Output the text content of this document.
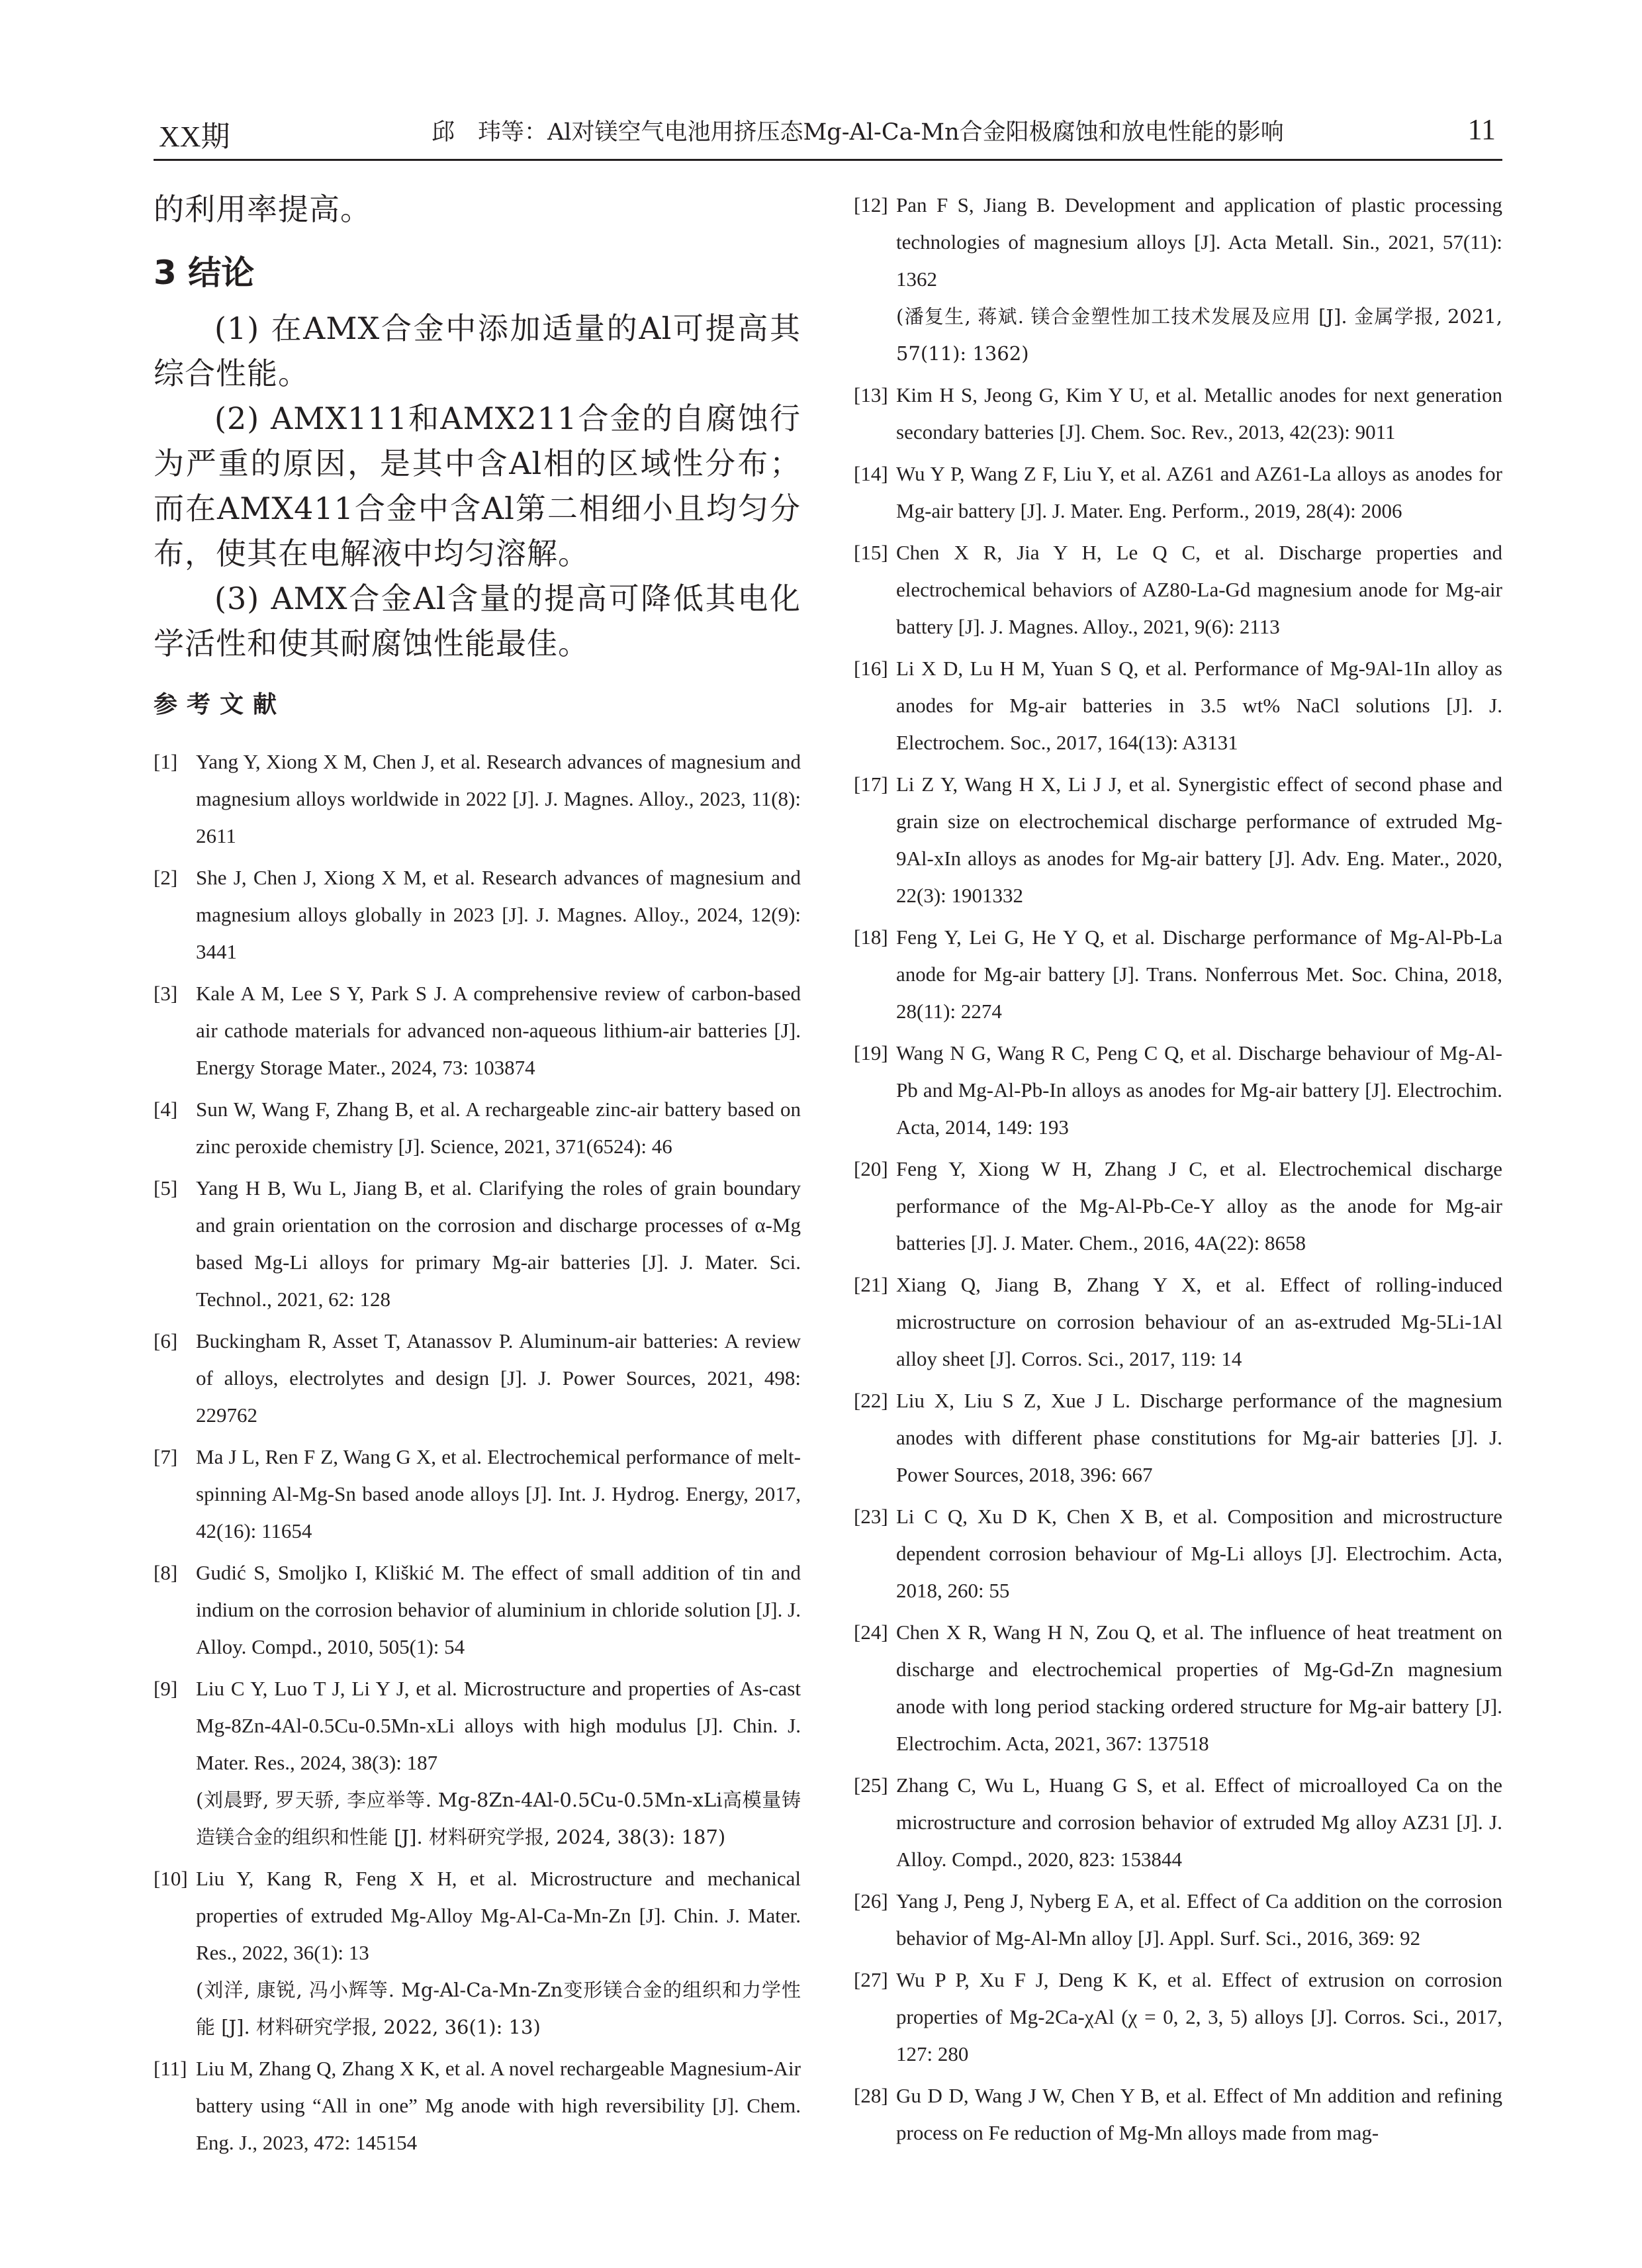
XX期	邱　玮等：Al对镁空气电池用挤压态Mg-Al-Ca-Mn合金阳极腐蚀和放电性能的影响	11

的利用率提高。

3 结论

(1) 在AMX合金中添加适量的Al可提高其综合性能。

(2) AMX111和AMX211合金的自腐蚀行为严重的原因，是其中含Al相的区域性分布；而在AMX411合金中含Al第二相细小且均匀分布，使其在电解液中均匀溶解。

(3) AMX合金Al含量的提高可降低其电化学活性和使其耐腐蚀性能最佳。

参考文献
[1] Yang Y, Xiong X M, Chen J, et al. Research advances of magnesium and magnesium alloys worldwide in 2022 [J]. J. Magnes. Alloy., 2023, 11(8): 2611
[2] She J, Chen J, Xiong X M, et al. Research advances of magnesium and magnesium alloys globally in 2023 [J]. J. Magnes. Alloy., 2024, 12(9): 3441
[3] Kale A M, Lee S Y, Park S J. A comprehensive review of carbon-based air cathode materials for advanced non-aqueous lithium-air batteries [J]. Energy Storage Mater., 2024, 73: 103874
[4] Sun W, Wang F, Zhang B, et al. A rechargeable zinc-air battery based on zinc peroxide chemistry [J]. Science, 2021, 371(6524): 46
[5] Yang H B, Wu L, Jiang B, et al. Clarifying the roles of grain boundary and grain orientation on the corrosion and discharge processes of α-Mg based Mg-Li alloys for primary Mg-air batteries [J]. J. Mater. Sci. Technol., 2021, 62: 128
[6] Buckingham R, Asset T, Atanassov P. Aluminum-air batteries: A review of alloys, electrolytes and design [J]. J. Power Sources, 2021, 498: 229762
[7] Ma J L, Ren F Z, Wang G X, et al. Electrochemical performance of melt-spinning Al-Mg-Sn based anode alloys [J]. Int. J. Hydrog. Energy, 2017, 42(16): 11654
[8] Gudić S, Smoljko I, Kliškić M. The effect of small addition of tin and indium on the corrosion behavior of aluminium in chloride solution [J]. J. Alloy. Compd., 2010, 505(1): 54
[9] Liu C Y, Luo T J, Li Y J, et al. Microstructure and properties of As-cast Mg-8Zn-4Al-0.5Cu-0.5Mn-xLi alloys with high modulus [J]. Chin. J. Mater. Res., 2024, 38(3): 187
(刘晨野, 罗天骄, 李应举等. Mg-8Zn-4Al-0.5Cu-0.5Mn-xLi高模量铸造镁合金的组织和性能 [J]. 材料研究学报, 2024, 38(3): 187)
[10] Liu Y, Kang R, Feng X H, et al. Microstructure and mechanical properties of extruded Mg-Alloy Mg-Al-Ca-Mn-Zn [J]. Chin. J. Mater. Res., 2022, 36(1): 13
(刘洋, 康锐, 冯小辉等. Mg-Al-Ca-Mn-Zn变形镁合金的组织和力学性能 [J]. 材料研究学报, 2022, 36(1): 13)
[11] Liu M, Zhang Q, Zhang X K, et al. A novel rechargeable Magnesium-Air battery using “All in one” Mg anode with high reversibility [J]. Chem. Eng. J., 2023, 472: 145154
[12] Pan F S, Jiang B. Development and application of plastic processing technologies of magnesium alloys [J]. Acta Metall. Sin., 2021, 57(11): 1362
(潘复生, 蒋斌. 镁合金塑性加工技术发展及应用 [J]. 金属学报, 2021, 57(11): 1362)
[13] Kim H S, Jeong G, Kim Y U, et al. Metallic anodes for next generation secondary batteries [J]. Chem. Soc. Rev., 2013, 42(23): 9011
[14] Wu Y P, Wang Z F, Liu Y, et al. AZ61 and AZ61-La alloys as anodes for Mg-air battery [J]. J. Mater. Eng. Perform., 2019, 28(4): 2006
[15] Chen X R, Jia Y H, Le Q C, et al. Discharge properties and electrochemical behaviors of AZ80-La-Gd magnesium anode for Mg-air battery [J]. J. Magnes. Alloy., 2021, 9(6): 2113
[16] Li X D, Lu H M, Yuan S Q, et al. Performance of Mg-9Al-1In alloy as anodes for Mg-air batteries in 3.5 wt% NaCl solutions [J]. J. Electrochem. Soc., 2017, 164(13): A3131
[17] Li Z Y, Wang H X, Li J J, et al. Synergistic effect of second phase and grain size on electrochemical discharge performance of extruded Mg-9Al-xIn alloys as anodes for Mg-air battery [J]. Adv. Eng. Mater., 2020, 22(3): 1901332
[18] Feng Y, Lei G, He Y Q, et al. Discharge performance of Mg-Al-Pb-La anode for Mg-air battery [J]. Trans. Nonferrous Met. Soc. China, 2018, 28(11): 2274
[19] Wang N G, Wang R C, Peng C Q, et al. Discharge behaviour of Mg-Al-Pb and Mg-Al-Pb-In alloys as anodes for Mg-air battery [J]. Electrochim. Acta, 2014, 149: 193
[20] Feng Y, Xiong W H, Zhang J C, et al. Electrochemical discharge performance of the Mg-Al-Pb-Ce-Y alloy as the anode for Mg-air batteries [J]. J. Mater. Chem., 2016, 4A(22): 8658
[21] Xiang Q, Jiang B, Zhang Y X, et al. Effect of rolling-induced microstructure on corrosion behaviour of an as-extruded Mg-5Li-1Al alloy sheet [J]. Corros. Sci., 2017, 119: 14
[22] Liu X, Liu S Z, Xue J L. Discharge performance of the magnesium anodes with different phase constitutions for Mg-air batteries [J]. J. Power Sources, 2018, 396: 667
[23] Li C Q, Xu D K, Chen X B, et al. Composition and microstructure dependent corrosion behaviour of Mg-Li alloys [J]. Electrochim. Acta, 2018, 260: 55
[24] Chen X R, Wang H N, Zou Q, et al. The influence of heat treatment on discharge and electrochemical properties of Mg-Gd-Zn magnesium anode with long period stacking ordered structure for Mg-air battery [J]. Electrochim. Acta, 2021, 367: 137518
[25] Zhang C, Wu L, Huang G S, et al. Effect of microalloyed Ca on the microstructure and corrosion behavior of extruded Mg alloy AZ31 [J]. J. Alloy. Compd., 2020, 823: 153844
[26] Yang J, Peng J, Nyberg E A, et al. Effect of Ca addition on the corrosion behavior of Mg-Al-Mn alloy [J]. Appl. Surf. Sci., 2016, 369: 92
[27] Wu P P, Xu F J, Deng K K, et al. Effect of extrusion on corrosion properties of Mg-2Ca-χAl (χ = 0, 2, 3, 5) alloys [J]. Corros. Sci., 2017, 127: 280
[28] Gu D D, Wang J W, Chen Y B, et al. Effect of Mn addition and refining process on Fe reduction of Mg-Mn alloys made from mag-
